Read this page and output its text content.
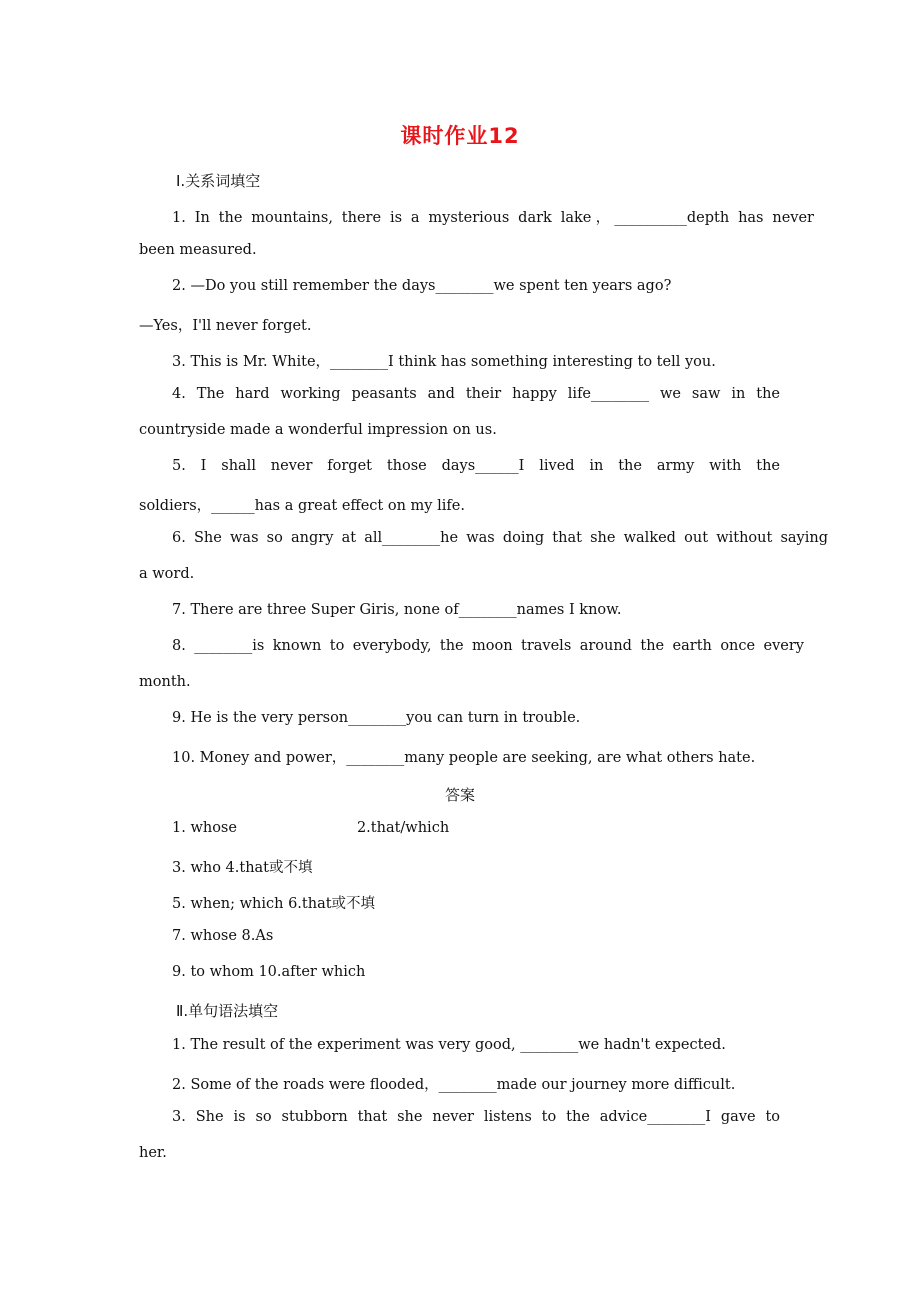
课时作业12
Ⅰ.关系词填空
1. In the mountains, there is a mysterious dark lake，__________depth has never
been measured.
2. —Do you still remember the days________we spent ten years ago?
—Yes，I'll never forget.
3. This is Mr. White，________I think has something interesting to tell you.
4. The hard working peasants and their happy life________ we saw in the
countryside made a wonderful impression on us.
5. I shall never forget those days______I lived in the army with the
soldiers，______has a great effect on my life.
6. She was so angry at all________he was doing that she walked out without saying
a word.
7. There are three Super Giris, none of________names I know.
8. ________is known to everybody, the moon travels around the earth once every
month.
9. He is the very person________you can turn in trouble.
10. Money and power，________many people are seeking, are what others hate.
答案
1. whose	2.that/which
3. who 4.that或不填
5. when; which 6.that或不填
7. whose 8.As
9. to whom 10.after which
Ⅱ.单句语法填空
1. The result of the experiment was very good, ________we hadn't expected.
2. Some of the roads were flooded，________made our journey more difficult.
3. She is so stubborn that she never listens to the advice________I gave to
her.
